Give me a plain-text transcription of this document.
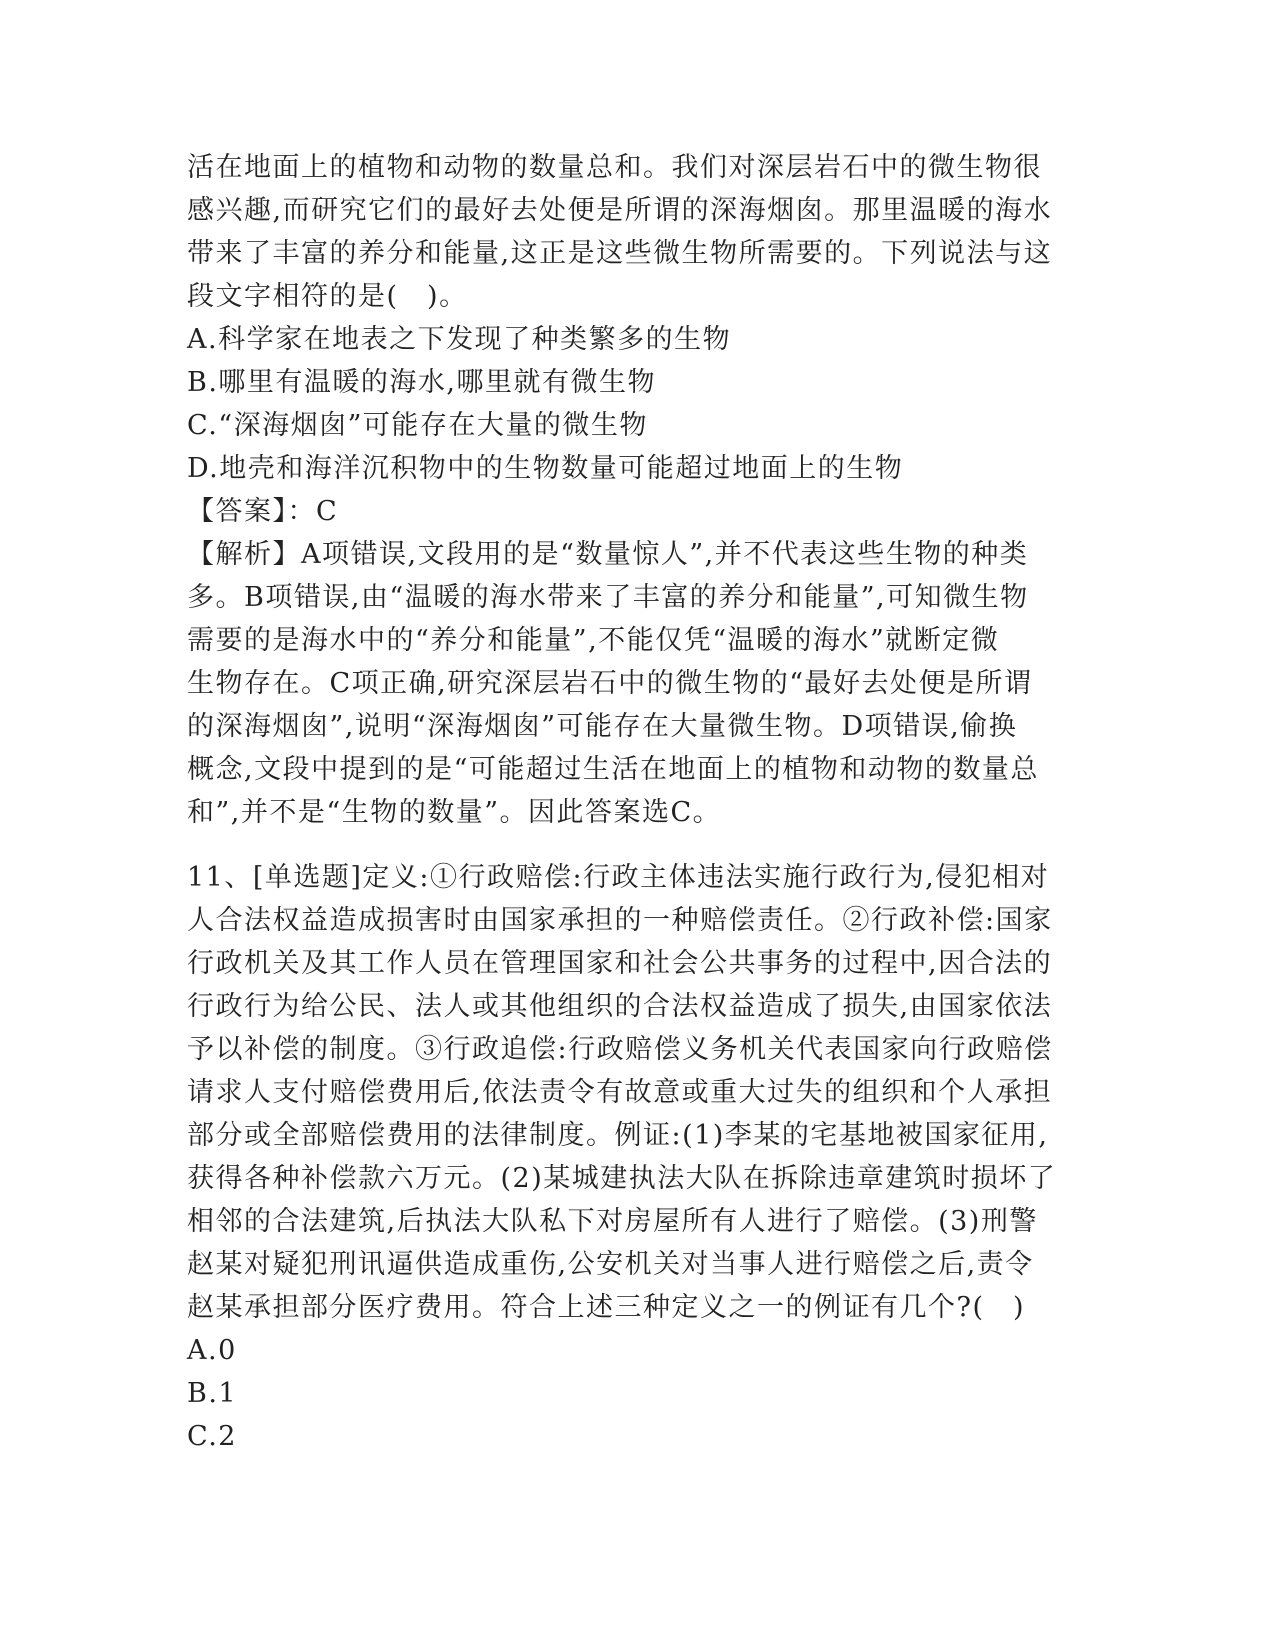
活在地面上的植物和动物的数量总和。我们对深层岩石中的微生物很
感兴趣,而研究它们的最好去处便是所谓的深海烟囱。那里温暖的海水
带来了丰富的养分和能量,这正是这些微生物所需要的。下列说法与这
段文字相符的是(　)。
A.科学家在地表之下发现了种类繁多的生物
B.哪里有温暖的海水,哪里就有微生物
C.“深海烟囱”可能存在大量的微生物
D.地壳和海洋沉积物中的生物数量可能超过地面上的生物
【答案】：C
【解析】A项错误,文段用的是“数量惊人”,并不代表这些生物的种类
多。B项错误,由“温暖的海水带来了丰富的养分和能量”,可知微生物
需要的是海水中的“养分和能量”,不能仅凭“温暖的海水”就断定微
生物存在。C项正确,研究深层岩石中的微生物的“最好去处便是所谓
的深海烟囱”,说明“深海烟囱”可能存在大量微生物。D项错误,偷换
概念,文段中提到的是“可能超过生活在地面上的植物和动物的数量总
和”,并不是“生物的数量”。因此答案选C。
11、[单选题]定义:①行政赔偿:行政主体违法实施行政行为,侵犯相对
人合法权益造成损害时由国家承担的一种赔偿责任。②行政补偿:国家
行政机关及其工作人员在管理国家和社会公共事务的过程中,因合法的
行政行为给公民、法人或其他组织的合法权益造成了损失,由国家依法
予以补偿的制度。③行政追偿:行政赔偿义务机关代表国家向行政赔偿
请求人支付赔偿费用后,依法责令有故意或重大过失的组织和个人承担
部分或全部赔偿费用的法律制度。例证:(1)李某的宅基地被国家征用,
获得各种补偿款六万元。(2)某城建执法大队在拆除违章建筑时损坏了
相邻的合法建筑,后执法大队私下对房屋所有人进行了赔偿。(3)刑警
赵某对疑犯刑讯逼供造成重伤,公安机关对当事人进行赔偿之后,责令
赵某承担部分医疗费用。符合上述三种定义之一的例证有几个?(　)
A.0
B.1
C.2
